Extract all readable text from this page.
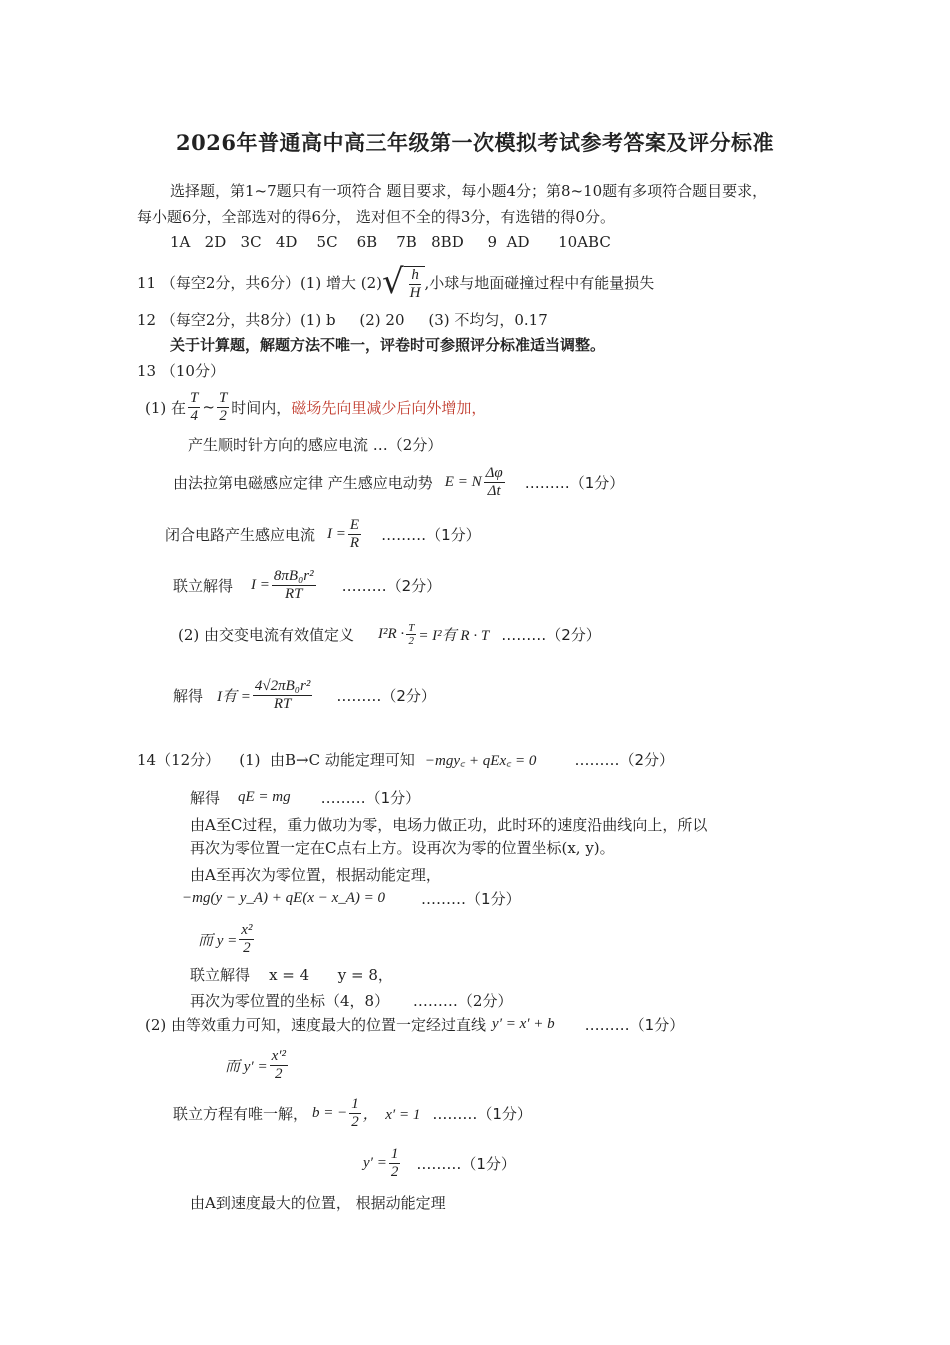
2026年普通高中高三年级第一次模拟考试参考答案及评分标准
选择题，第1~7题只有一项符合 题目要求，每小题4分；第8~10题有多项符合题目要求，
每小题6分，全部选对的得6分， 选对但不全的得3分，有选错的得0分。
1A   2D   3C   4D    5C    6B    7B   8BD     9  AD      10ABC
11 （每空2分，共6分）(1) 增大 (2) √ $\frac{h}{H}$ ,小球与地面碰撞过程中有能量损失
12 （每空2分，共8分）(1) b     (2) 20     (3) 不均匀，0.17
关于计算题，解题方法不唯一，评卷时可参照评分标准适当调整。
13 （10分）
(1) 在 $\frac{T}{4}$ ~ $\frac{T}{2}$ 时间内， 磁场先向里减少后向外增加，
产生顺时针方向的感应电流 …（2分）
由法拉第电磁感应定律 产生感应电动势 E = N $\frac{\Delta\varphi}{\Delta t}$ ………（1分）
闭合电路产生感应电流 $I = \frac{E}{R}$ ………（1分）
联立解得 $I = \frac{\text{8πB₀r²}}{RT}$ ………（2分）
(2) 由交变电流有效值定义 $I^2R \cdot \frac{T}{2} = I^2$有 R · T ………（2分）
解得 I有 = $\frac{\text{4√2πB₀r²}}{RT}$ ………（2分）
14（12分）    (1)  由B→C 动能定理可知 −mgy꜀ + qEx꜀ = 0	………（2分）
解得 qE = mg ………（1分）
由A至C过程，重力做功为零，电场力做正功，此时环的速度沿曲线向上，所以
再次为零位置一定在C点右上方。设再次为零的位置坐标(x, y)。
由A至再次为零位置，根据动能定理，
−mg(y − y_A) + qE(x − x_A) = 0 ………（1分）
而 $y = \frac{\text{x²}}{2}$
联立解得    x = 4      y = 8，
再次为零位置的坐标（4，8）     ………（2分）
(2) 由等效重力可知，速度最大的位置一定经过直线 y′ = x′ + b ………（1分）
而 $y' = \frac{\text{x′²}}{2}$
联立方程有唯一解， b = − $\frac{1}{2}$ ，  x′ = 1 ………（1分）
$y' = \frac{1}{2}$ ………（1分）
由A到速度最大的位置， 根据动能定理
